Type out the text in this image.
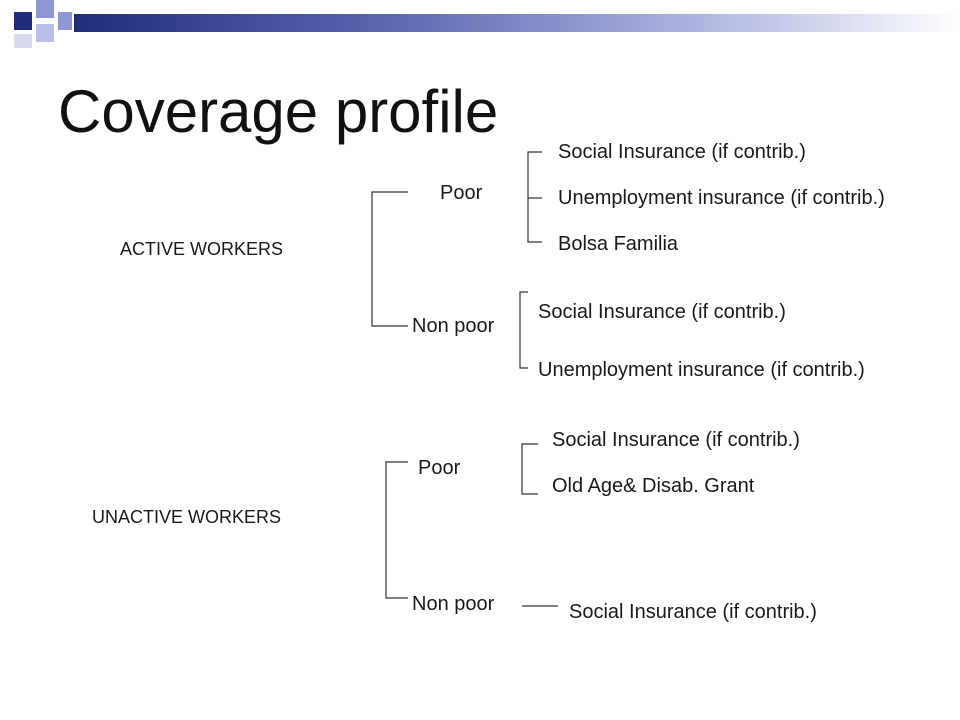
Coverage profile
ACTIVE WORKERS
UNACTIVE WORKERS
Poor
Non poor
Social Insurance (if contrib.)
Unemployment insurance (if contrib.)
Bolsa Familia
Social Insurance (if contrib.)
Unemployment insurance (if contrib.)
Poor
Non poor
Social Insurance (if contrib.)
Old Age& Disab. Grant
Social Insurance (if contrib.)
